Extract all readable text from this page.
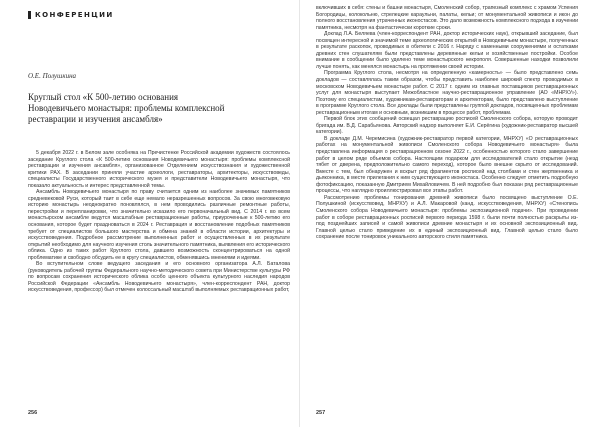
КОНФЕРЕНЦИИ
О.Е. Полушкина
Круглый стол «К 500-летию основания Новодевичьего монастыря: проблемы комплексной реставрации и изучения ансамбля»

5 декабря 2022 г. в Белом зале особняка на Пречистенке Российской академии художеств состоялось заседание Круглого стола «К 500-летию основания Новодевичьего монастыря: проблемы комплексной реставрации и изучения ансамбля», организованное Отделением искусствознания и художественной критики РАХ. В заседании приняли участие археологи, реставраторы, архитекторы, искусствоведы, специалисты Государственного исторического музея и представители Новодевичьего монастыря, что показало актуальность и интерес представленной темы.

Ансамбль Новодевичьего монастыря по праву считается одним из наиболее значимых памятников средневековой Руси, который таит в себе еще немало неразрешенных вопросов. За свою многовековую историю монастырь неоднократно поновлялся, в нем проводились различные ремонтные работы, перестройки и перепланировки, что значительно исказило его первоначальный вид. С 2014 г. во всем монастырском ансамбле ведутся масштабные реставрационные работы, приуроченные к 500-летию его основания, которое будет праздноваться в 2024 г. Реставрация и восстановление подобных памятников требует от специалистов большого мастерства и обмена знаний в области истории, архитектуры и искусствоведения. Подробное рассмотрение выполненных работ и осуществленных в их результате открытий необходимо для научного изучения столь значительного памятника, выявления его исторического облика. Одно из таких работ Круглого стола, давшего возможность сконцентрироваться на одной проблематике и свободно обсудить ее в кругу специалистов, обменявшись мнениями и идеями.

Во вступительном слове ведущего заседания и его основного организатора А.Л. Баталова (руководитель рабочей группы Федерального научно-методического совета при Министерстве культуры РФ по вопросам сохранения исторического облика особо ценного объекта культурного наследия народов Российской Федерации «Ансамбль Новодевичьего монастыря», член-корреспондент РАН, доктор искусствоведения, профессор) был отмечен колоссальный масштаб выполняемых реставрационных работ,

включивших в себя: стены и башни монастыря, Смоленский собор, трапезный комплекс с храмом Успения Богородицы, колокольню, стрелецкие караульни, палаты, кельи; от монументальной живописи и икон до полного восстановления утраченных иконостасов. Это дало возможность комплексного подхода в изучении памятника, несмотря на фантастически короткие сроки.

Доклад Л.А. Беляева (член-корреспондент РАН, доктор исторических наук), открывший заседание, был посвящен интересной и значимой теме археологических открытий в Новодевичьем монастыре, полученных в результате раскопок, проводимых в обители с 2016 г. Наряду с каменными сооружениями и остатками древних стен слушателям были представлены деревянные кельи и хозяйственные постройки. Особое внимание в сообщении было уделено теме монастырского некрополя. Совершенные находки позволили лучше понять, как менялся монастырь на протяжении своей истории.

Программа Круглого стола, несмотря на определенную «камерность» — было представлено семь докладов — составлялась таким образом, чтобы представить наиболее широкий спектр проводимых в московском Новодевичьем монастыре работ. С 2017 г. одним из главных поставщиков реставрационных услуг для монастыря выступает Межобластное научно-реставрационное управление (АО «МНРХУ»). Поэтому его специалистам, художникам-реставраторам и архитекторам, было представлено выступление в программе Круглого стола. Все доклады были представлены группой докладов, посвященных проблемам реставрационным итогам и основным, возникшим в процессе работ, проблемам.

Первой блок этих сообщений освещал реставрацию росписей Смоленского собора, которую проводит бригада им. В.Д. Сарабьянова. Авторский надзор выполняет Е.И. Серёгина (художник-реставратор высшей категории).

В докладе Д.М. Черемисина (художник-реставратор первой категории, МНРХУ) «О реставрационных работах на монументальной живописи Смоленского собора Новодевичьего монастыря» была представлена информация о реставрационном сезоне 2022 г., особенностью которого стало завершение работ в целом ряде объемов собора. Настоящим подарком для исследователей стало открытие (незд тябет от дверена, предположительно самого переход), которое было внешне скрыто от исследований. Вместе с тем, был обнаружен и вскрыт ряд фрагментов росписей над столбами и стен жертвенника и дьяконника, в месте прилегания к ним существующего иконостаса. Особенно следует отметить подробную фотофиксацию, показанную Дмитрием Михайловичем. В ней подробно был показан ряд реставрационные процессы, что наглядно проиллюстрировал все этапы работ.

Рассмотрению проблемы тонирования древней живописи было посвящено выступление О.Е. Полушкиной (искусствовед, МНРХУ) и А.Л. Макаровой (канд. искусствоведения, МНРХУ) «Стенопись Смоленского собора Новодевичьего монастыря: проблемы экспозиционной подачи». При проведении работ в соборе реставрационных росписей первого периода 1598 г. были почти полностью раскрыты из-под позднейших записей и самой живописи древние монастыря и их основной экспозиционный вид. Главной целью стало приведение их в единый экспозиционный вид. Главной целью стало было сохранение после тонировок уникального авторского стиля памятника.

256	257
